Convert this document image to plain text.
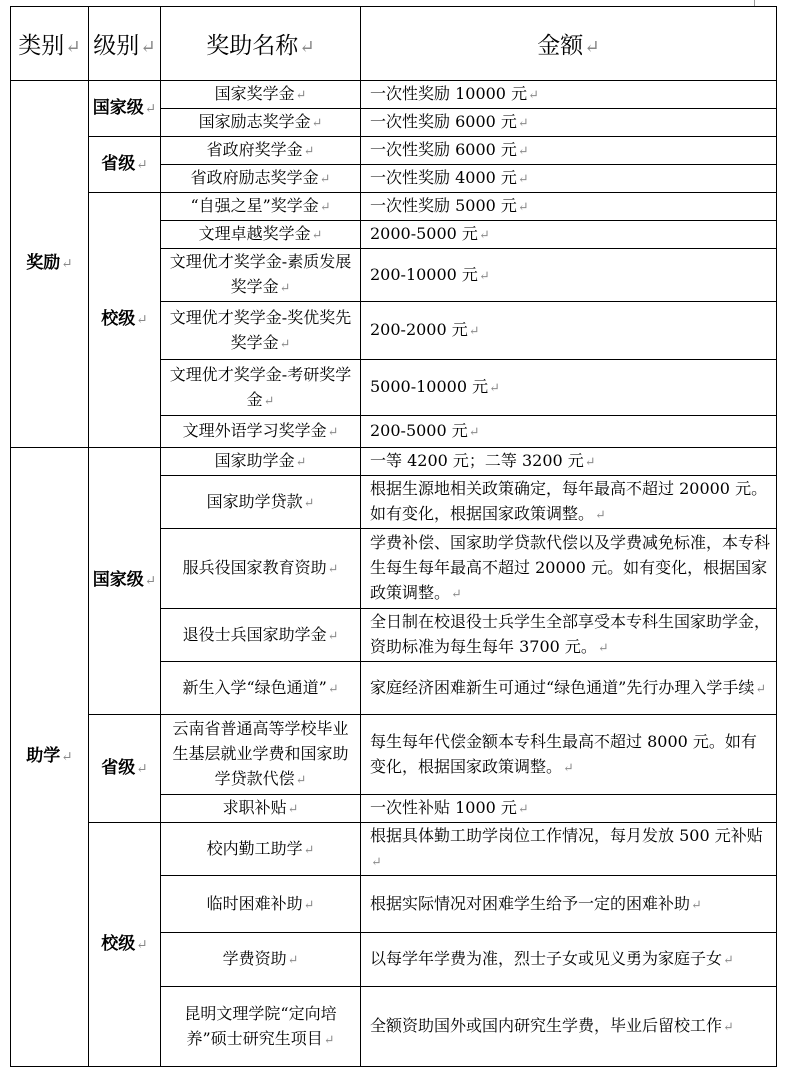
类别↵	级别↵	奖助名称↵	金额↵
奖励↵	国家级↵	国家奖学金↵	一次性奖励 10000 元↵
		国家励志奖学金↵	一次性奖励 6000 元↵
	省级↵	省政府奖学金↵	一次性奖励 6000 元↵
		省政府励志奖学金↵	一次性奖励 4000 元↵
	校级↵	“自强之星”奖学金↵	一次性奖励 5000 元↵
		文理卓越奖学金↵	2000-5000 元↵
		文理优才奖学金-素质发展奖学金↵	200-10000 元↵
		文理优才奖学金-奖优奖先奖学金↵	200-2000 元↵
		文理优才奖学金-考研奖学金↵	5000-10000 元↵
		文理外语学习奖学金↵	200-5000 元↵
助学↵	国家级↵	国家助学金↵	一等 4200 元；二等 3200 元↵
		国家助学贷款↵	根据生源地相关政策确定，每年最高不超过 20000 元。如有变化，根据国家政策调整。↵
		服兵役国家教育资助↵	学费补偿、国家助学贷款代偿以及学费减免标准，本专科生每生每年最高不超过 20000 元。如有变化，根据国家政策调整。↵
		退役士兵国家助学金↵	全日制在校退役士兵学生全部享受本专科生国家助学金，资助标准为每生每年 3700 元。↵
		新生入学“绿色通道”↵	家庭经济困难新生可通过“绿色通道”先行办理入学手续↵
	省级↵	云南省普通高等学校毕业生基层就业学费和国家助学贷款代偿↵	每生每年代偿金额本专科生最高不超过 8000 元。如有变化，根据国家政策调整。↵
		求职补贴↵	一次性补贴 1000 元↵
	校级↵	校内勤工助学↵	根据具体勤工助学岗位工作情况，每月发放 500 元补贴↵
		临时困难补助↵	根据实际情况对困难学生给予一定的困难补助↵
		学费资助↵	以每学年学费为准，烈士子女或见义勇为家庭子女↵
		昆明文理学院“定向培养”硕士研究生项目↵	全额资助国外或国内研究生学费，毕业后留校工作↵
